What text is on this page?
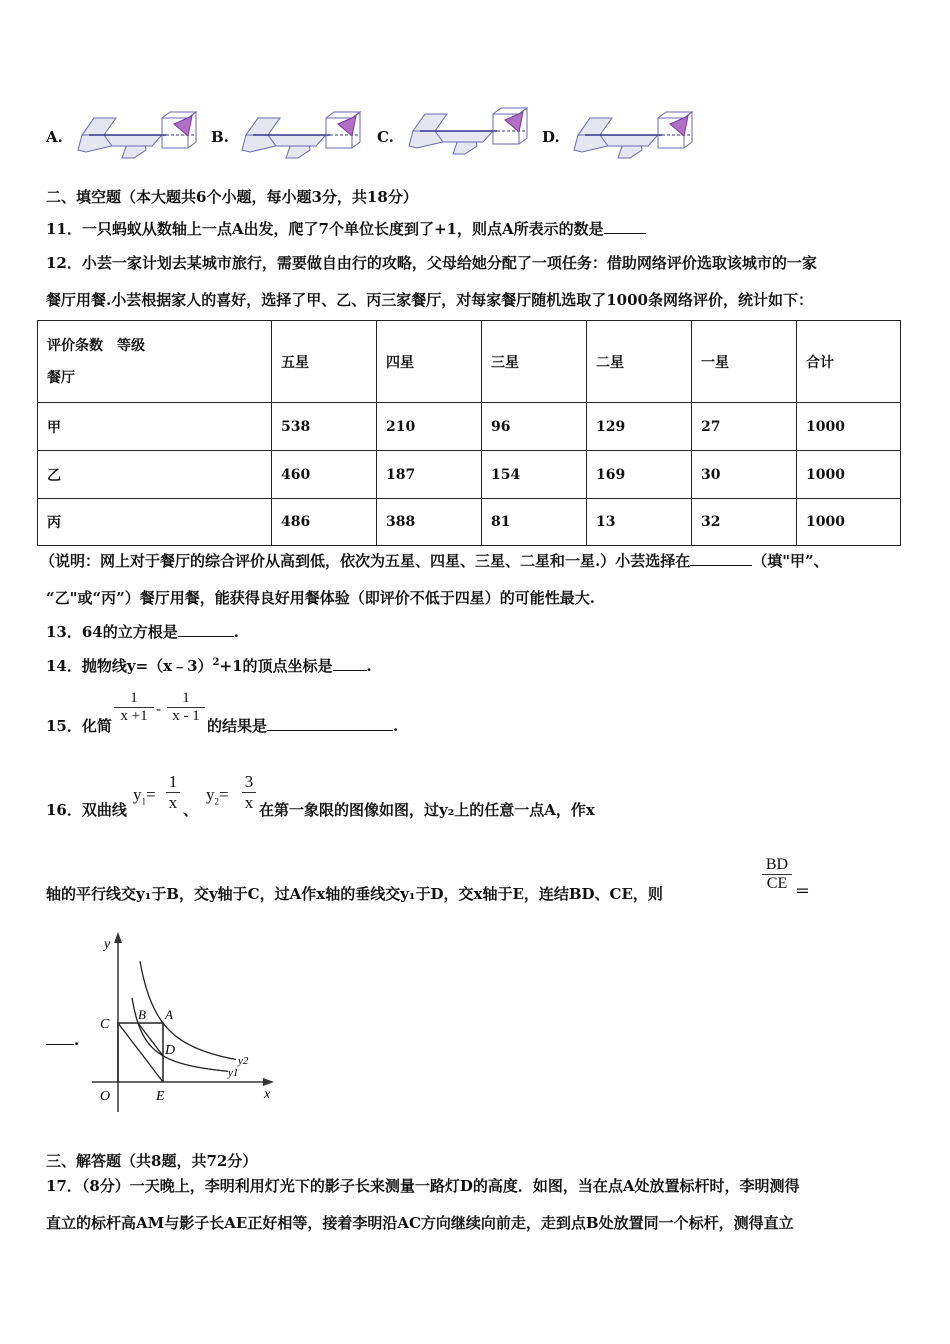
A.	B.	C.	D.
二、填空题（本大题共6个小题，每小题3分，共18分）
11．一只蚂蚁从数轴上一点A出发，爬了7个单位长度到了+1，则点A所表示的数是
12．小芸一家计划去某城市旅行，需要做自由行的攻略，父母给她分配了一项任务：借助网络评价选取该城市的一家
餐厅用餐.小芸根据家人的喜好，选择了甲、乙、丙三家餐厅，对每家餐厅随机选取了1000条网络评价，统计如下：
评价条数　等级
餐厅	五星	四星	三星	二星	一星	合计
甲	538	210	96	129	27	1000
乙	460	187	154	169	30	1000
丙	486	388	81	13	32	1000
（说明：网上对于餐厅的综合评价从高到低，依次为五星、四星、三星、二星和一星.）小芸选择在	（填"甲”、
“乙"或“丙”）餐厅用餐，能获得良好用餐体验（即评价不低于四星）的可能性最大.
13．64的立方根是	.
14．抛物线y=（x﹣3）$^2$+1的顶点坐标是 .
15．化简
$\frac{1}{x +1} - \frac{1}{x - 1}$
的结果是	.
16．双曲线
$y_1= \frac{1}{x}$ 、
$y_2= \frac{3}{x}$ 在第一象限的图像如图，过y₂上的任意一点A，作x
轴的平行线交y₁于B，交y轴于C，过A作x轴的垂线交y₁于D，交x轴于E，连结BD、CE，则
$\frac{BD}{CE}$ ＝
.
y
x
O
C
B A
D
E
y2
y1
三、解答题（共8题，共72分）
17．（8分）一天晚上，李明利用灯光下的影子长来测量一路灯D的高度．如图，当在点A处放置标杆时，李明测得
直立的标杆高AM与影子长AE正好相等，接着李明沿AC方向继续向前走，走到点B处放置同一个标杆，测得直立
